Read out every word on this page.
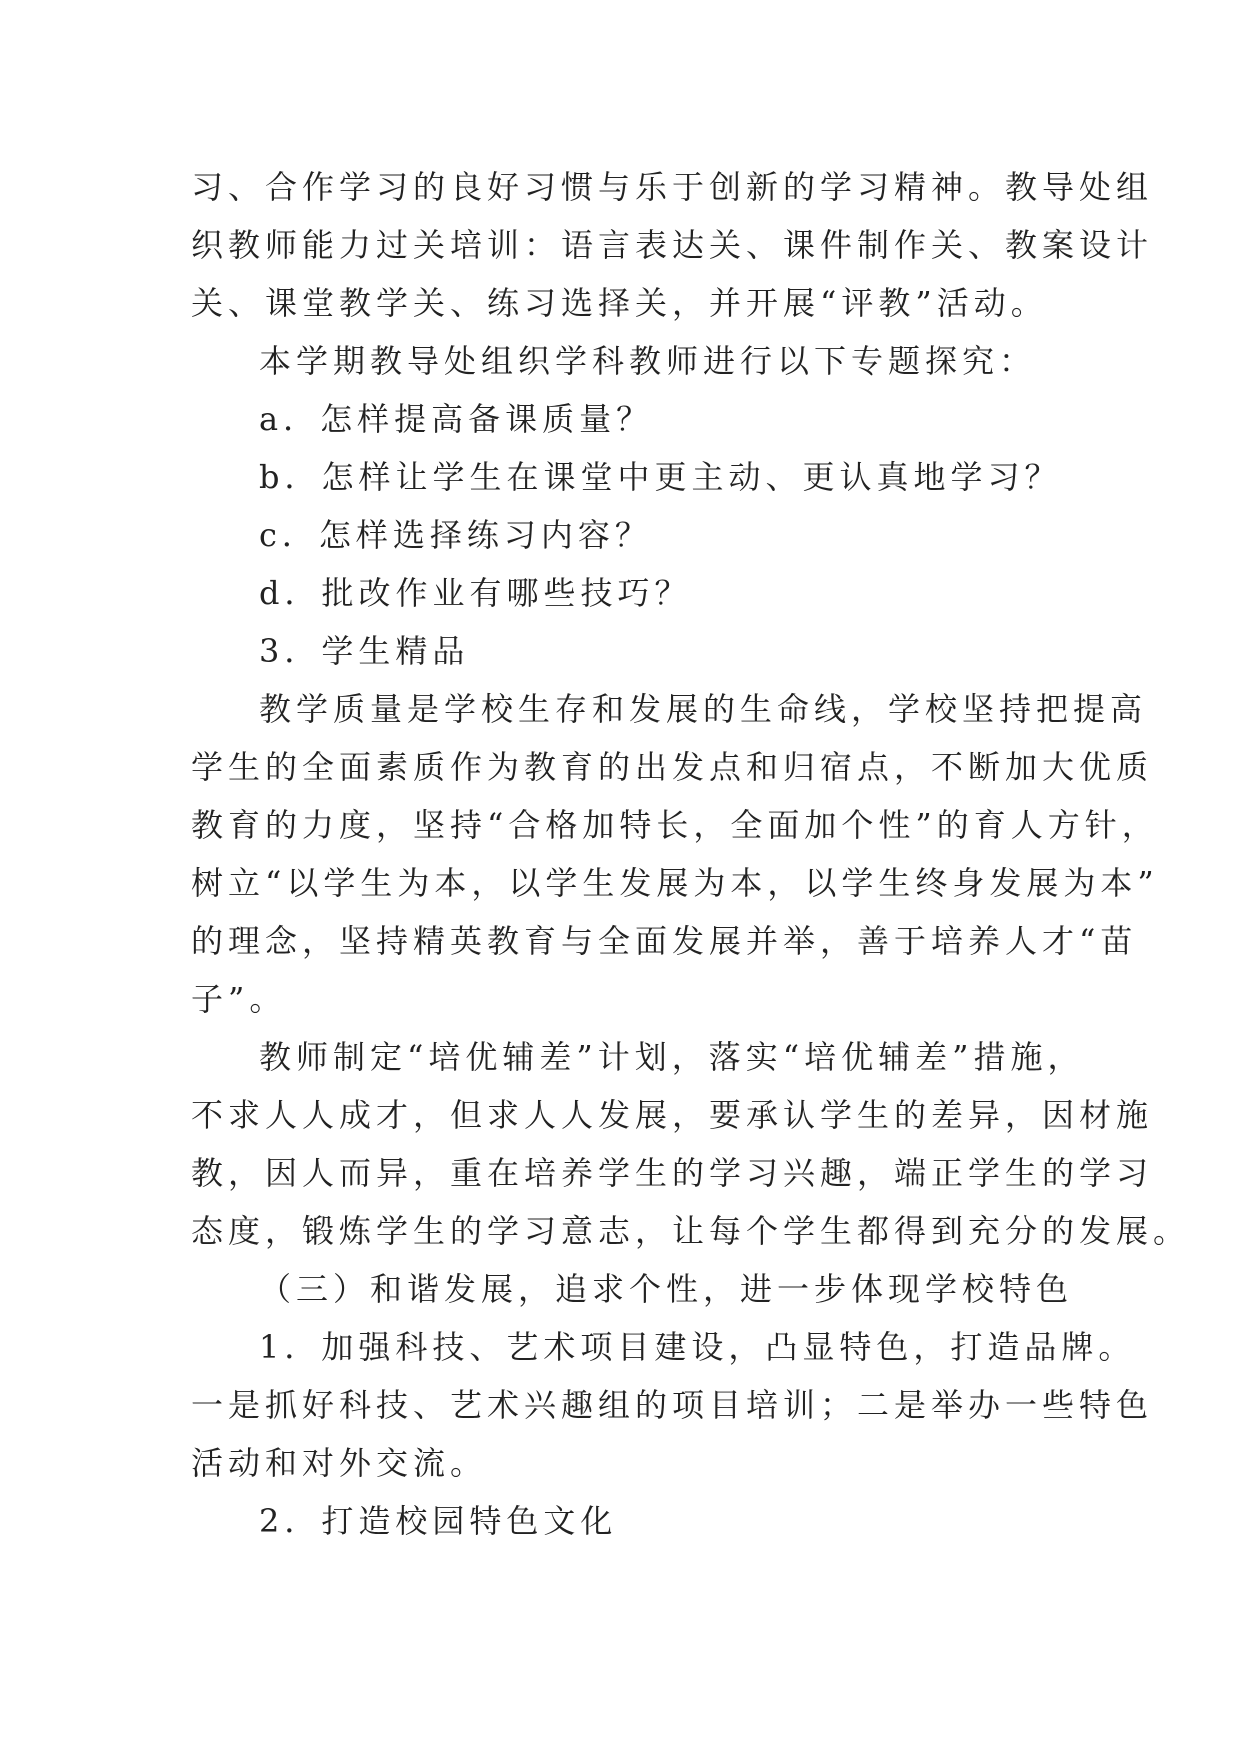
习、合作学习的良好习惯与乐于创新的学习精神。教导处组
织教师能力过关培训：语言表达关、课件制作关、教案设计
关、课堂教学关、练习选择关，并开展“评教”活动。
本学期教导处组织学科教师进行以下专题探究：
a．怎样提高备课质量？
b．怎样让学生在课堂中更主动、更认真地学习？
c．怎样选择练习内容？
d．批改作业有哪些技巧？
3．学生精品
教学质量是学校生存和发展的生命线，学校坚持把提高
学生的全面素质作为教育的出发点和归宿点，不断加大优质
教育的力度，坚持“合格加特长，全面加个性”的育人方针，
树立“以学生为本，以学生发展为本，以学生终身发展为本”
的理念，坚持精英教育与全面发展并举，善于培养人才“苗
子”。
教师制定“培优辅差”计划，落实“培优辅差”措施，
不求人人成才，但求人人发展，要承认学生的差异，因材施
教，因人而异，重在培养学生的学习兴趣，端正学生的学习
态度，锻炼学生的学习意志，让每个学生都得到充分的发展。
（三）和谐发展，追求个性，进一步体现学校特色
1．加强科技、艺术项目建设，凸显特色，打造品牌。
一是抓好科技、艺术兴趣组的项目培训；二是举办一些特色
活动和对外交流。
2．打造校园特色文化
